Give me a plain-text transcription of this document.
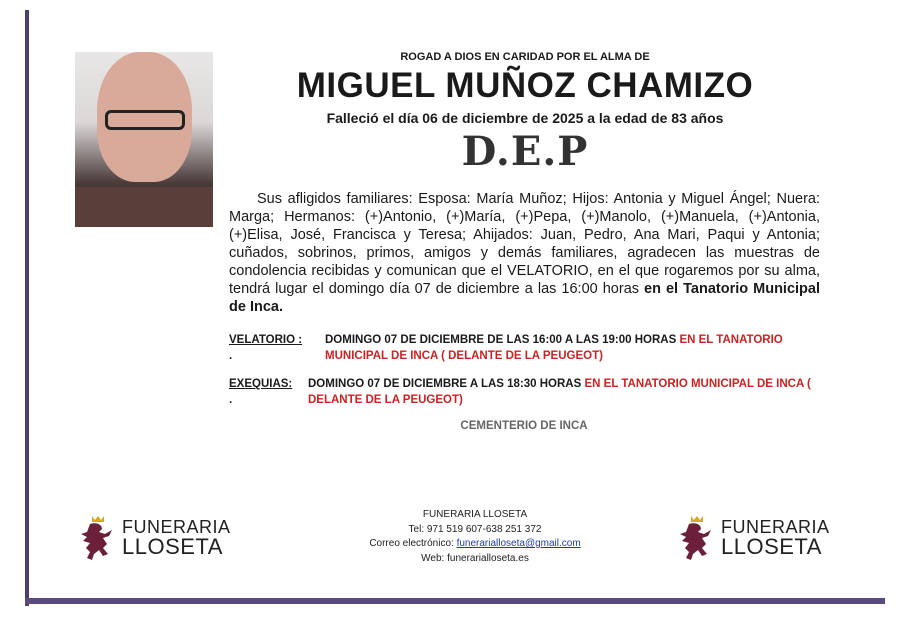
ROGAD A DIOS EN CARIDAD POR EL ALMA DE
MIGUEL MUÑOZ CHAMIZO
Falleció el día 06 de diciembre de 2025 a la edad de 83 años
D.E.P
Sus afligidos familiares: Esposa: María Muñoz; Hijos: Antonia y Miguel Ángel; Nuera: Marga; Hermanos: (+)Antonio, (+)María, (+)Pepa, (+)Manolo, (+)Manuela, (+)Antonia, (+)Elisa, José, Francisca y Teresa; Ahijados: Juan, Pedro, Ana Mari, Paqui y Antonia; cuñados, sobrinos, primos, amigos y demás familiares, agradecen las muestras de condolencia recibidas y comunican que el VELATORIO, en el que rogaremos por su alma, tendrá lugar el domingo día 07 de diciembre a las 16:00 horas en el Tanatorio Municipal de Inca.
VELATORIO : DOMINGO 07 DE DICIEMBRE DE LAS 16:00 A LAS 19:00 HORAS EN EL TANATORIO MUNICIPAL DE INCA ( DELANTE DE LA PEUGEOT)
.
EXEQUIAS: DOMINGO 07 DE DICIEMBRE A LAS 18:30 HORAS EN EL TANATORIO MUNICIPAL DE INCA ( DELANTE DE LA PEUGEOT)
.
CEMENTERIO DE INCA
FUNERARIA
LLOSETA
FUNERARIA
LLOSETA
FUNERARIA LLOSETA
Tel: 971 519 607-638 251 372
Correo electrónico: funerarialloseta@gmail.com
Web: funerarialloseta.es
